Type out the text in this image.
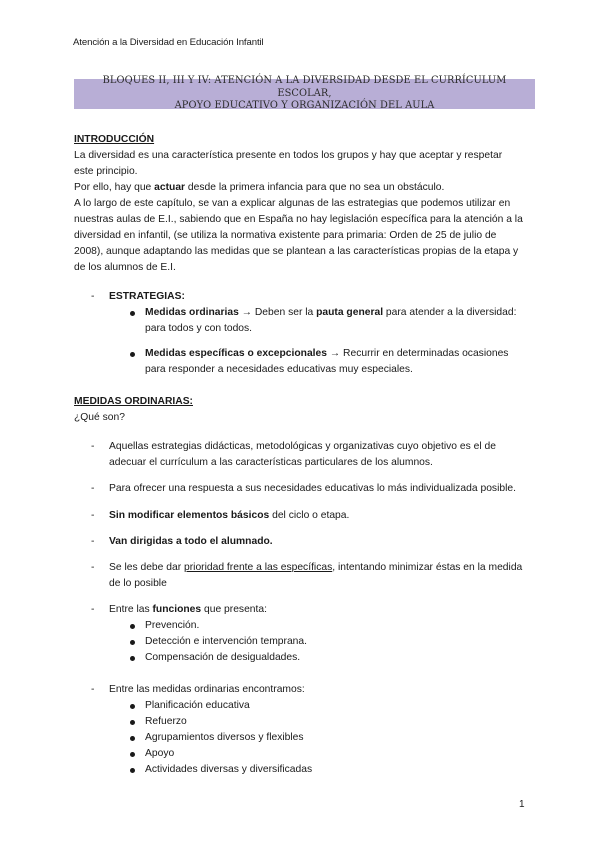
Atención a la Diversidad en Educación Infantil
BLOQUES II, III Y IV: ATENCIÓN A LA DIVERSIDAD DESDE EL CURRÍCULUM ESCOLAR,
APOYO EDUCATIVO Y ORGANIZACIÓN DEL AULA
INTRODUCCIÓN
La diversidad es una característica presente en todos los grupos y hay que aceptar y respetar
este principio.
Por ello, hay que actuar desde la primera infancia para que no sea un obstáculo.
A lo largo de este capítulo, se van a explicar algunas de las estrategias que podemos utilizar en
nuestras aulas de E.I., sabiendo que en España no hay legislación específica para la atención a la
diversidad en infantil, (se utiliza la normativa existente para primaria: Orden de 25 de julio de
2008), aunque adaptando las medidas que se plantean a las características propias de la etapa y
de los alumnos de E.I.
- ESTRATEGIAS:
Medidas ordinarias → Deben ser la pauta general para atender a la diversidad:
para todos y con todos.
Medidas específicas o excepcionales → Recurrir en determinadas ocasiones
para responder a necesidades educativas muy especiales.
MEDIDAS ORDINARIAS:
¿Qué son?
- Aquellas estrategias didácticas, metodológicas y organizativas cuyo objetivo es el de
adecuar el currículum a las características particulares de los alumnos.
- Para ofrecer una respuesta a sus necesidades educativas lo más individualizada posible.
- Sin modificar elementos básicos del ciclo o etapa.
- Van dirigidas a todo el alumnado.
- Se les debe dar prioridad frente a las específicas, intentando minimizar éstas en la medida
de lo posible
- Entre las funciones que presenta:
Prevención.
Detección e intervención temprana.
Compensación de desigualdades.
- Entre las medidas ordinarias encontramos:
Planificación educativa
Refuerzo
Agrupamientos diversos y flexibles
Apoyo
Actividades diversas y diversificadas
1
